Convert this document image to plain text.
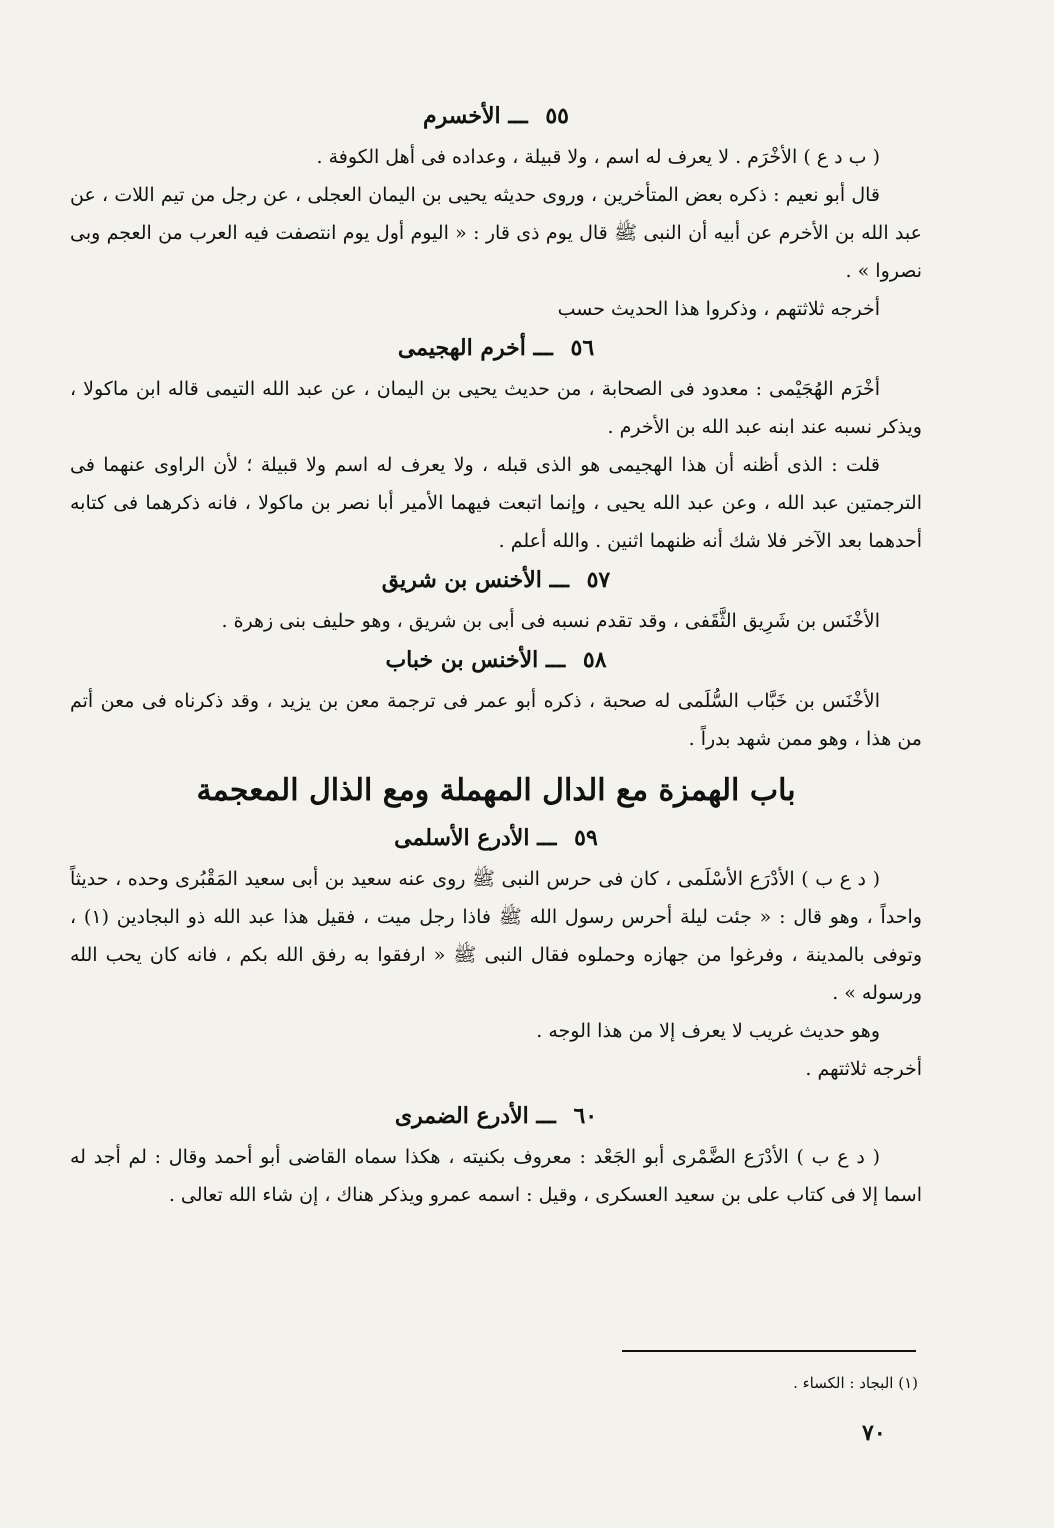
٥٥ ـــ الأخسرم

( ب د ع ) الأخْرَم . لا يعرف له اسم ، ولا قبيلة ، وعداده فى أهل الكوفة .

قال أبو نعيم : ذكره بعض المتأخرين ، وروى حديثه يحيى بن اليمان العجلى ، عن رجل من تيم اللات ، عن عبد الله بن الأخرم عن أبيه أن النبى ﷺ قال يوم ذى قار : « اليوم أول يوم انتصفت فيه العرب من العجم وبى نصروا » .

أخرجه ثلاثتهم ، وذكروا هذا الحديث حسب

٥٦ ـــ أخرم الهجيمى

أخْرَم الهُجَيْمى : معدود فى الصحابة ، من حديث يحيى بن اليمان ، عن عبد الله التيمى قاله ابن ماكولا ، ويذكر نسبه عند ابنه عبد الله بن الأخرم .

قلت : الذى أظنه أن هذا الهجيمى هو الذى قبله ، ولا يعرف له اسم ولا قبيلة ؛ لأن الراوى عنهما فى الترجمتين عبد الله ، وعن عبد الله يحيى ، وإنما اتبعت فيهما الأمير أبا نصر بن ماكولا ، فانه ذكرهما فى كتابه أحدهما بعد الآخر فلا شك أنه ظنهما اثنين . والله أعلم .

٥٧ ـــ الأخنس بن شريق

الأخْنَس بن شَرِيق الثَّقَفى ، وقد تقدم نسبه فى أبى بن شريق ، وهو حليف بنى زهرة .

٥٨ ـــ الأخنس بن خباب

الأخْنَس بن خَبَّاب السُّلَمى له صحبة ، ذكره أبو عمر فى ترجمة معن بن يزيد ، وقد ذكرناه فى معن أتم من هذا ، وهو ممن شهد بدراً .

باب الهمزة مع الدال المهملة ومع الذال المعجمة
٥٩ ـــ الأدرع الأسلمى

( د ع ب ) الأدْرَع الأسْلَمى ، كان فى حرس النبى ﷺ روى عنه سعيد بن أبى سعيد المَقْبُرى وحده ، حديثاً واحداً ، وهو قال : « جئت ليلة أحرس رسول الله ﷺ فاذا رجل ميت ، فقيل هذا عبد الله ذو البجادين (١) ، وتوفى بالمدينة ، وفرغوا من جهازه وحملوه فقال النبى ﷺ « ارفقوا به رفق الله بكم ، فانه كان يحب الله ورسوله » .

وهو حديث غريب لا يعرف إلا من هذا الوجه .

أخرجه ثلاثتهم .

٦٠ ـــ الأدرع الضمرى

( د ع ب ) الأدْرَع الضَّمْرى أبو الجَعْد : معروف بكنيته ، هكذا سماه القاضى أبو أحمد وقال : لم أجد له اسما إلا فى كتاب على بن سعيد العسكرى ، وقيل : اسمه عمرو ويذكر هناك ، إن شاء الله تعالى .

(١) البجاد : الكساء .
٧٠
